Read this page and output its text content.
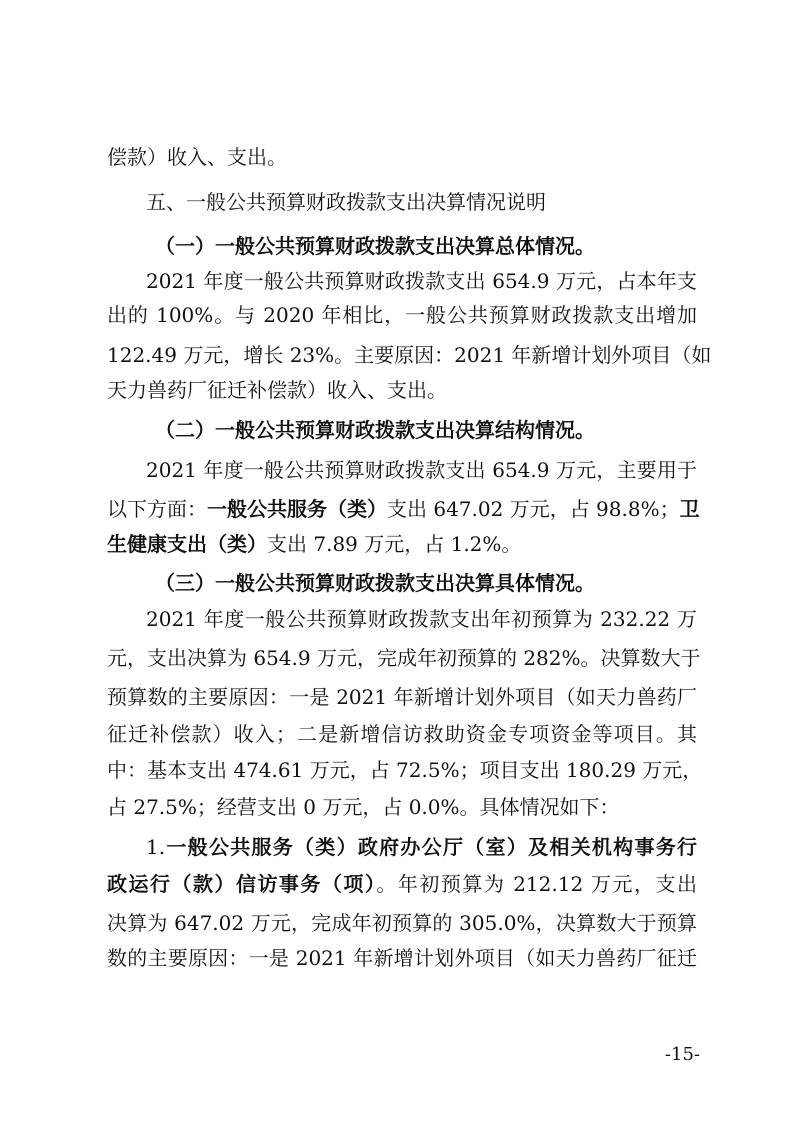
偿款）收入、支出。
五、一般公共预算财政拨款支出决算情况说明
（一）一般公共预算财政拨款支出决算总体情况。
2021 年度一般公共预算财政拨款支出 654.9 万元，占本年支
出的 100%。与 2020 年相比，一般公共预算财政拨款支出增加
122.49 万元，增长 23%。主要原因：2021 年新增计划外项目（如
天力兽药厂征迁补偿款）收入、支出。
（二）一般公共预算财政拨款支出决算结构情况。
2021 年度一般公共预算财政拨款支出 654.9 万元，主要用于
以下方面：一般公共服务（类）支出 647.02 万元，占 98.8%；卫
生健康支出（类）支出 7.89 万元，占 1.2%。
（三）一般公共预算财政拨款支出决算具体情况。
2021 年度一般公共预算财政拨款支出年初预算为 232.22 万
元，支出决算为 654.9 万元，完成年初预算的 282%。决算数大于
预算数的主要原因：一是 2021 年新增计划外项目（如天力兽药厂
征迁补偿款）收入；二是新增信访救助资金专项资金等项目。其
中：基本支出 474.61 万元，占 72.5%；项目支出 180.29 万元，
占 27.5%；经营支出 0 万元，占 0.0%。具体情况如下：
1.一般公共服务（类）政府办公厅（室）及相关机构事务行
政运行（款）信访事务（项）。年初预算为 212.12 万元，支出
决算为 647.02 万元，完成年初预算的 305.0%，决算数大于预算
数的主要原因：一是 2021 年新增计划外项目（如天力兽药厂征迁
-15-
